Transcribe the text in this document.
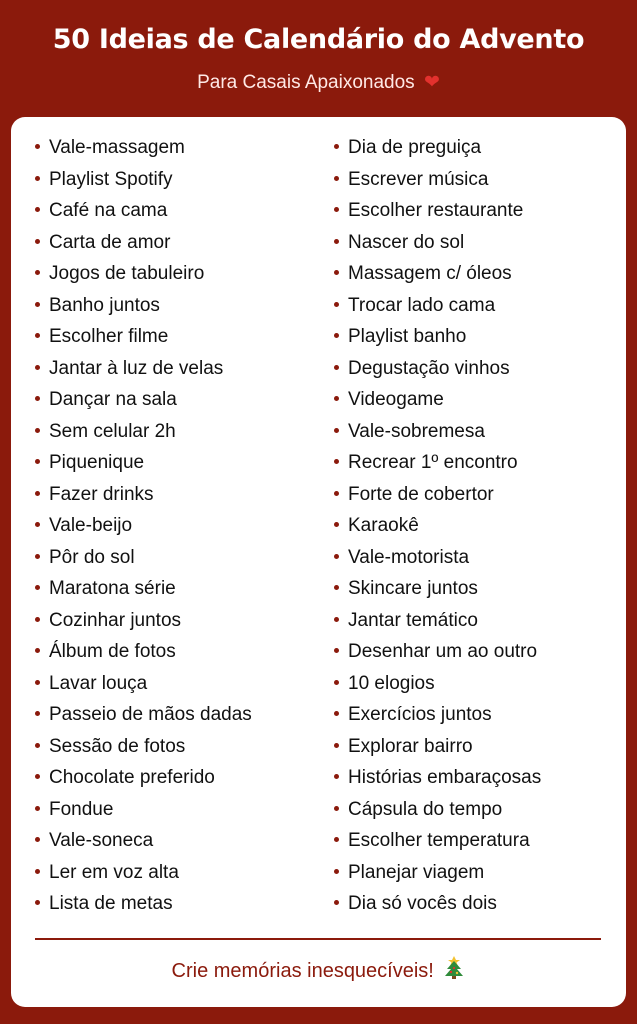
50 Ideias de Calendário do Advento
Para Casais Apaixonados ❤
Vale-massagem
Playlist Spotify
Café na cama
Carta de amor
Jogos de tabuleiro
Banho juntos
Escolher filme
Jantar à luz de velas
Dançar na sala
Sem celular 2h
Piquenique
Fazer drinks
Vale-beijo
Pôr do sol
Maratona série
Cozinhar juntos
Álbum de fotos
Lavar louça
Passeio de mãos dadas
Sessão de fotos
Chocolate preferido
Fondue
Vale-soneca
Ler em voz alta
Lista de metas
Dia de preguiça
Escrever música
Escolher restaurante
Nascer do sol
Massagem c/ óleos
Trocar lado cama
Playlist banho
Degustação vinhos
Videogame
Vale-sobremesa
Recrear 1º encontro
Forte de cobertor
Karaokê
Vale-motorista
Skincare juntos
Jantar temático
Desenhar um ao outro
10 elogios
Exercícios juntos
Explorar bairro
Histórias embaraçosas
Cápsula do tempo
Escolher temperatura
Planejar viagem
Dia só vocês dois
Crie memórias inesquecíveis!
